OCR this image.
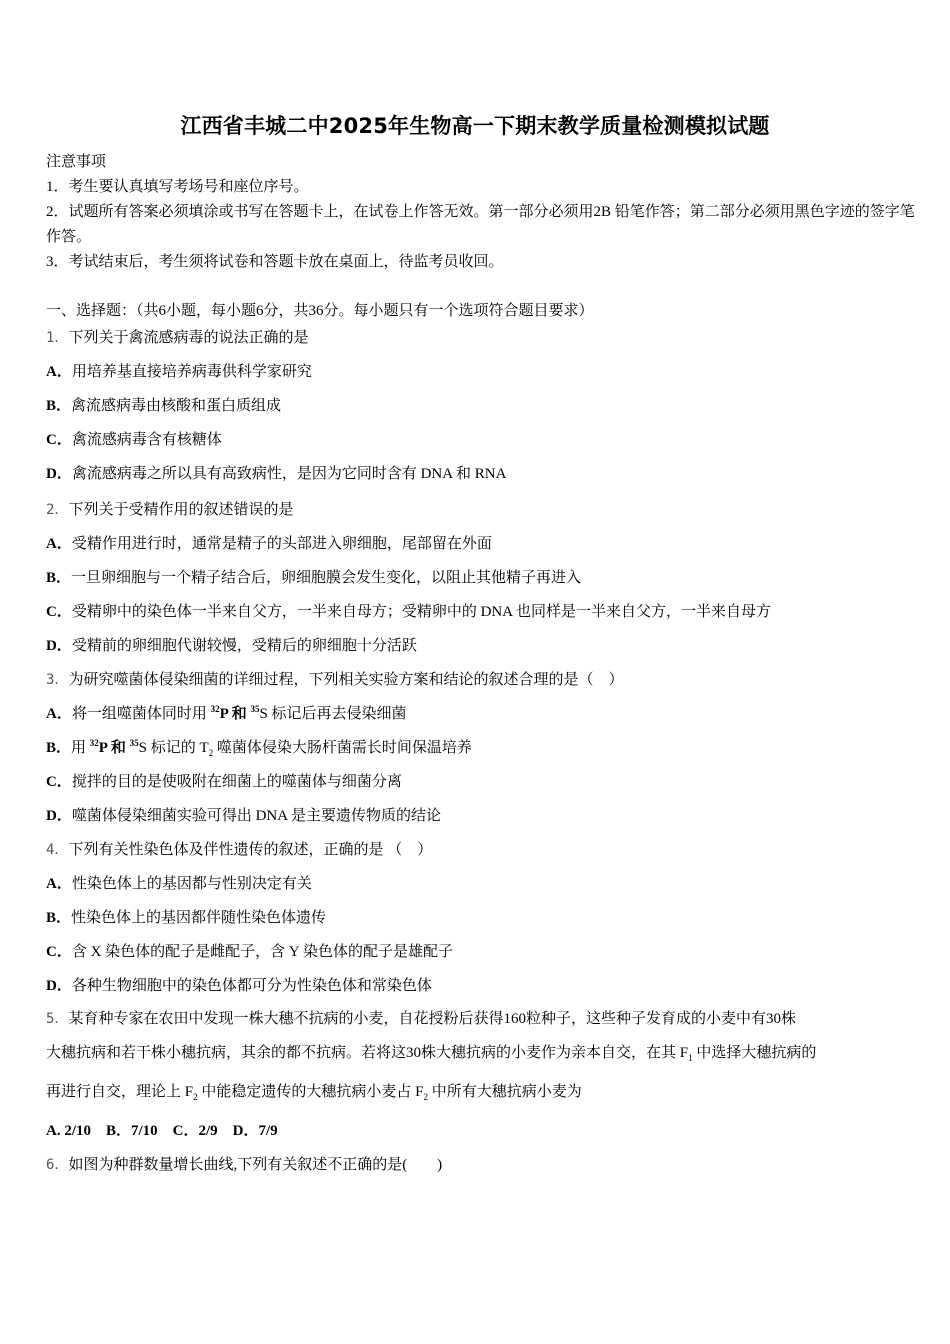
江西省丰城二中2025年生物高一下期末教学质量检测模拟试题
注意事项
1．考生要认真填写考场号和座位序号。
2．试题所有答案必须填涂或书写在答题卡上，在试卷上作答无效。第一部分必须用2B 铅笔作答；第二部分必须用黑色字迹的签字笔作答。
3．考试结束后，考生须将试卷和答题卡放在桌面上，待监考员收回。
一、选择题：（共6小题，每小题6分，共36分。每小题只有一个选项符合题目要求）
1．下列关于禽流感病毒的说法正确的是
A．用培养基直接培养病毒供科学家研究
B．禽流感病毒由核酸和蛋白质组成
C．禽流感病毒含有核糖体
D．禽流感病毒之所以具有高致病性，是因为它同时含有 DNA 和 RNA
2．下列关于受精作用的叙述错误的是
A．受精作用进行时，通常是精子的头部进入卵细胞，尾部留在外面
B．一旦卵细胞与一个精子结合后，卵细胞膜会发生变化，以阻止其他精子再进入
C．受精卵中的染色体一半来自父方，一半来自母方；受精卵中的 DNA 也同样是一半来自父方，一半来自母方
D．受精前的卵细胞代谢较慢，受精后的卵细胞十分活跃
3．为研究噬菌体侵染细菌的详细过程，下列相关实验方案和结论的叙述合理的是（　）
A．将一组噬菌体同时用 $^{32}$P 和 $^{35}$S 标记后再去侵染细菌
B．用 $^{32}$P 和 $^{35}$S 标记的 $T_2$ 噬菌体侵染大肠杆菌需长时间保温培养
C．搅拌的目的是使吸附在细菌上的噬菌体与细菌分离
D．噬菌体侵染细菌实验可得出 DNA 是主要遗传物质的结论
4．下列有关性染色体及伴性遗传的叙述，正确的是 （　）
A．性染色体上的基因都与性别决定有关
B．性染色体上的基因都伴随性染色体遗传
C．含 X 染色体的配子是雌配子，含 Y 染色体的配子是雄配子
D．各种生物细胞中的染色体都可分为性染色体和常染色体
5．某育种专家在农田中发现一株大穗不抗病的小麦，自花授粉后获得160粒种子，这些种子发育成的小麦中有30株
大穗抗病和若干株小穗抗病，其余的都不抗病。若将这30株大穗抗病的小麦作为亲本自交，在其 $F_1$ 中选择大穗抗病的
再进行自交，理论上 $F_2$ 中能稳定遗传的大穗抗病小麦占 $F_2$ 中所有大穗抗病小麦为
A. 2/10　B．7/10　C．2/9　D．7/9
6．如图为种群数量增长曲线,下列有关叙述不正确的是(　　)
